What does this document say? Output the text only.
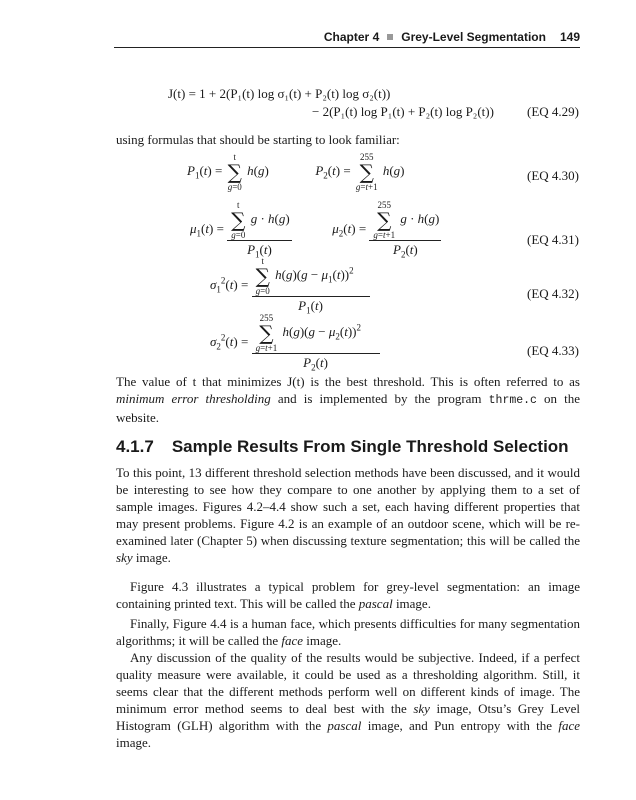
Chapter 4 Grey-Level Segmentation 149
J(t) = 1 + 2(P₁(t) log σ₁(t) + P₂(t) log σ₂(t))
− 2(P₁(t) log P₁(t) + P₂(t) log P₂(t))	(EQ 4.29)
using formulas that should be starting to look familiar:
$P_1(t) = t$
∑
g=0 h(g)	$P_2(t) = 255$
∑
g=t+1 h(g)	(EQ 4.30)
$\mu_1(t) = t$
∑
g=0 g · h(g)
$P_1(t)$	$\mu_2(t) = 255$
∑
g=t+1 g · h(g)
$P_2(t)$	(EQ 4.31)
$\sigma_1^2(t) = t$
∑
g=0 $h(g)(g - \mu_1(t))^2$
$P_1(t)$	(EQ 4.32)
$\sigma_2^2(t) = 255$
∑
g=t+1 $h(g)(g - \mu_2(t))^2$
$P_2(t)$	(EQ 4.33)
The value of t that minimizes J(t) is the best threshold. This is often referred to as minimum error thresholding and is implemented by the program thrme.c on the website.
4.1.7 Sample Results From Single Threshold Selection
To this point, 13 different threshold selection methods have been discussed, and it would be interesting to see how they compare to one another by applying them to a set of sample images. Figures 4.2–4.4 show such a set, each having different properties that may present problems. Figure 4.2 is an example of an outdoor scene, which will be re-examined later (Chapter 5) when discussing texture segmentation; this will be called the sky image.
Figure 4.3 illustrates a typical problem for grey-level segmentation: an image containing printed text. This will be called the pascal image.
Finally, Figure 4.4 is a human face, which presents difficulties for many segmentation algorithms; it will be called the face image.
Any discussion of the quality of the results would be subjective. Indeed, if a perfect quality measure were available, it could be used as a thresholding algorithm. Still, it seems clear that the different methods perform well on different kinds of image. The minimum error method seems to deal best with the sky image, Otsu’s Grey Level Histogram (GLH) algorithm with the pascal image, and Pun entropy with the face image.
